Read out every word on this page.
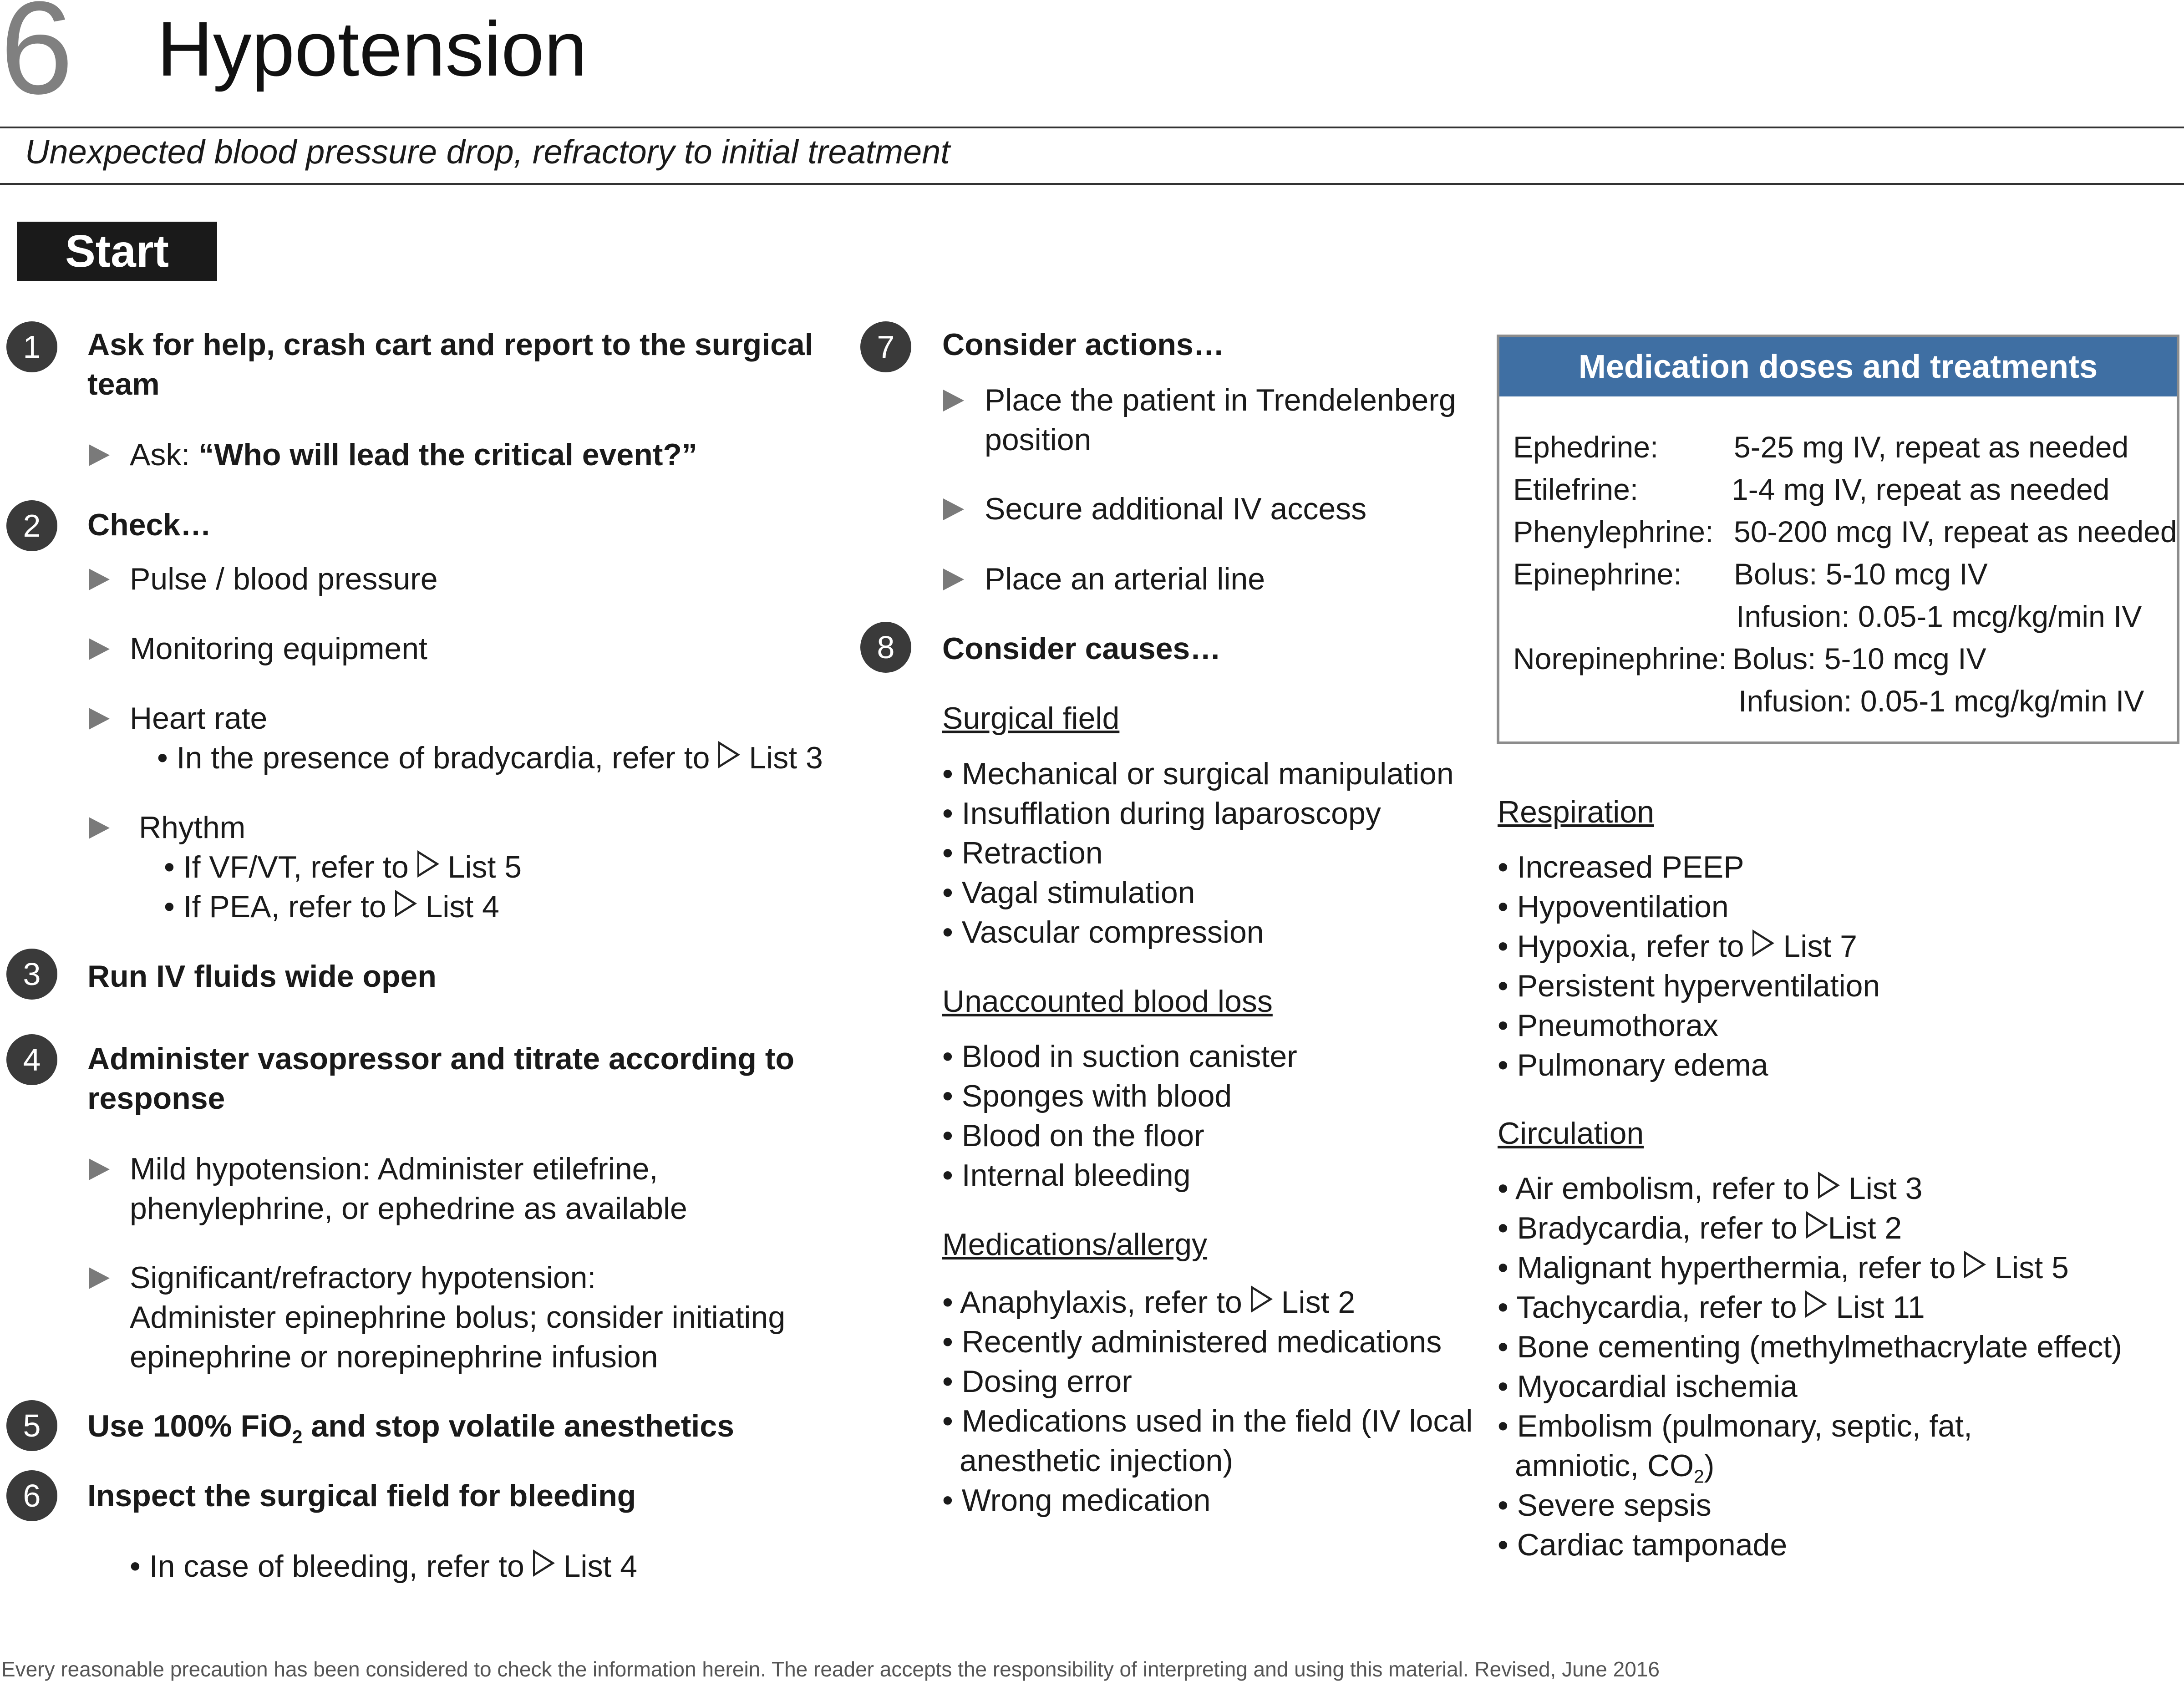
6 Hypotension
Unexpected blood pressure drop, refractory to initial treatment
Start
1	Ask for help, crash cart and report to the surgical
team
Ask: “Who will lead the critical event?”
2	Check…
Pulse / blood pressure
Monitoring equipment
Heart rate
• In the presence of bradycardia, refer to List 3
Rhythm
• If VF/VT, refer to List 5
• If PEA, refer to List 4
3	Run IV fluids wide open
4	Administer vasopressor and titrate according to
response
Mild hypotension: Administer etilefrine,
phenylephrine, or ephedrine as available
Significant/refractory hypotension:
Administer epinephrine bolus; consider initiating
epinephrine or norepinephrine infusion
5	Use 100% FiO$_2$ and stop volatile anesthetics
6	Inspect the surgical field for bleeding
• In case of bleeding, refer to List 4
7	Consider actions…
Place the patient in Trendelenberg
position
Secure additional IV access
Place an arterial line
8	Consider causes…
Surgical field
• Mechanical or surgical manipulation
• Insufflation during laparoscopy
• Retraction
• Vagal stimulation
• Vascular compression
Unaccounted blood loss
• Blood in suction canister
• Sponges with blood
• Blood on the floor
• Internal bleeding
Medications/allergy
• Anaphylaxis, refer to List 2
• Recently administered medications
• Dosing error
• Medications used in the field (IV local
anesthetic injection)
• Wrong medication
Medication doses and treatments
Ephedrine:	5-25 mg IV, repeat as needed
Etilefrine:	1-4 mg IV, repeat as needed
Phenylephrine: 50-200 mcg IV, repeat as needed
Epinephrine: Bolus: 5-10 mcg IV
Infusion: 0.05-1 mcg/kg/min IV
Norepinephrine: Bolus: 5-10 mcg IV
Infusion: 0.05-1 mcg/kg/min IV
Respiration
• Increased PEEP
• Hypoventilation
• Hypoxia, refer to List 7
• Persistent hyperventilation
• Pneumothorax
• Pulmonary edema
Circulation
• Air embolism, refer to List 3
• Bradycardia, refer to List 2
• Malignant hyperthermia, refer to List 5
• Tachycardia, refer to List 11
• Bone cementing (methylmethacrylate effect)
• Myocardial ischemia
• Embolism (pulmonary, septic, fat,
amniotic, $CO_2$)
• Severe sepsis
• Cardiac tamponade
Every reasonable precaution has been considered to check the information herein. The reader accepts the responsibility of interpreting and using this material. Revised, June 2016
